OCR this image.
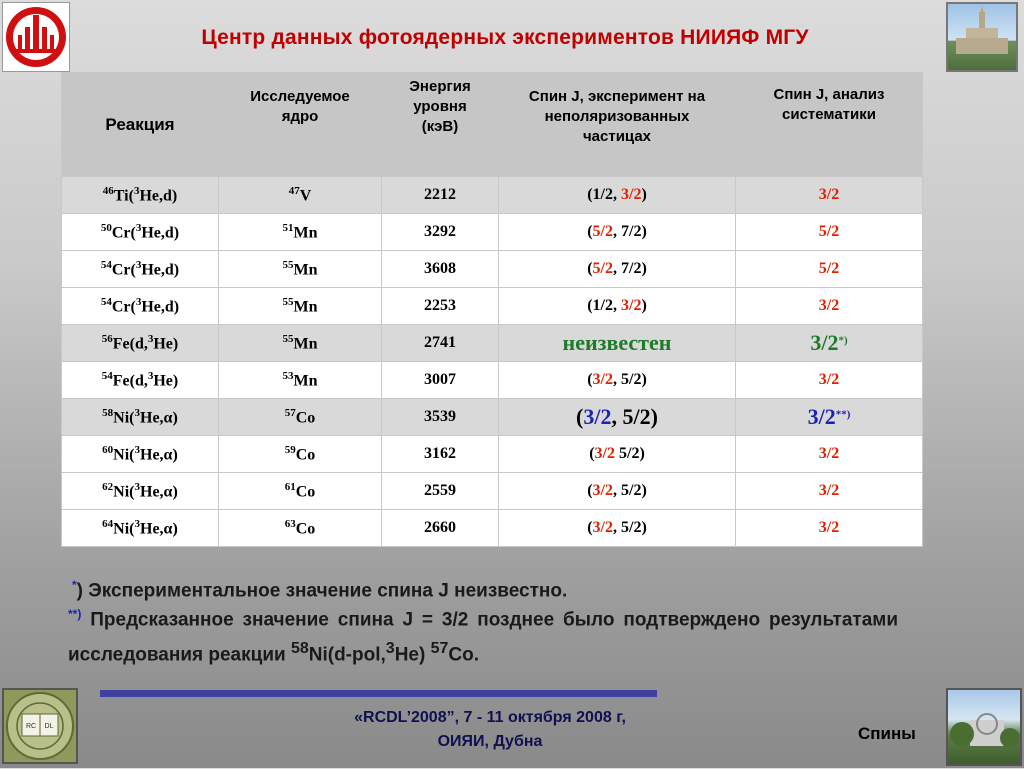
RC DL
Центр данных фотоядерных экспериментов НИИЯФ МГУ
Реакция	Исследуемое ядро	Энергия уровня (кэВ)	Спин J, эксперимент на неполяризованных частицах	Спин J, анализ систематики
$^{46}$Ti($^3$He,d)	$^{47}$V	2212	(1/2, 3/2)	3/2
$^{50}$Cr($^3$He,d)	$^{51}$Mn	3292	(5/2, 7/2)	5/2
$^{54}$Cr($^3$He,d)	$^{55}$Mn	3608	(5/2, 7/2)	5/2
$^{54}$Cr($^3$He,d)	$^{55}$Mn	2253	(1/2, 3/2)	3/2
$^{56}$Fe(d,$^3$He)	$^{55}$Mn	2741	неизвестен	3/2*)
$^{54}$Fe(d,$^3$He)	$^{53}$Mn	3007	(3/2, 5/2)	3/2
$^{58}$Ni($^3$He,α)	$^{57}$Co	3539	(3/2, 5/2)	3/2**)
$^{60}$Ni($^3$He,α)	$^{59}$Co	3162	(3/2 5/2)	3/2
$^{62}$Ni($^3$He,α)	$^{61}$Co	2559	(3/2, 5/2)	3/2
$^{64}$Ni($^3$He,α)	$^{63}$Co	2660	(3/2, 5/2)	3/2
*) Экспериментальное значение спина J неизвестно.
**) Предсказанное значение спина J = 3/2 позднее было подтверждено результатами исследования реакции $^{58}$Ni(d-pol,$^3$He) $^{57}$Co.
«RCDL’2008”, 7 - 11 октября 2008 г,
ОИЯИ, Дубна	Спины
